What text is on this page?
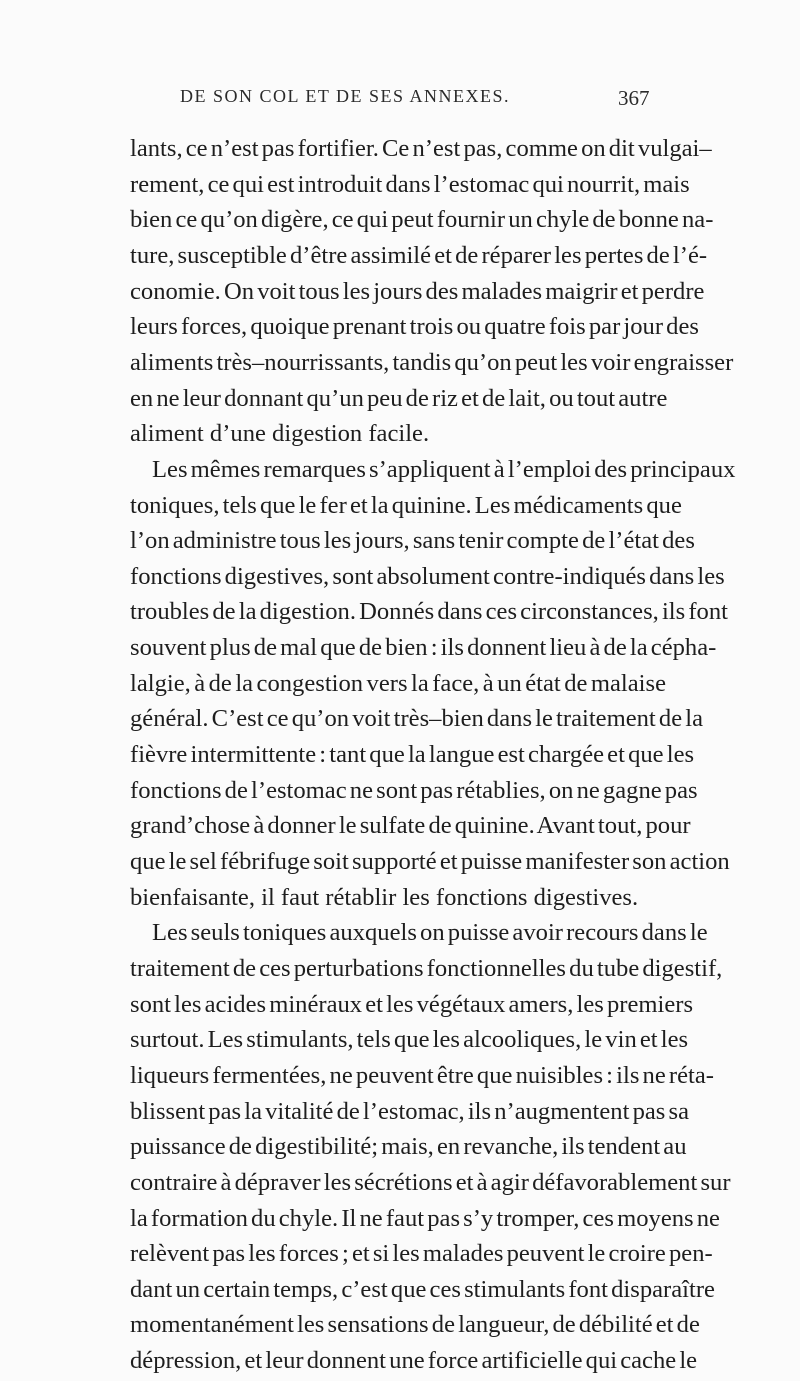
DE SON COL ET DE SES ANNEXES.	367
lants, ce n’est pas fortifier. Ce n’est pas, comme on dit vulgai–
rement, ce qui est introduit dans l’estomac qui nourrit, mais
bien ce qu’on digère, ce qui peut fournir un chyle de bonne na-
ture, susceptible d’être assimilé et de réparer les pertes de l’é-
conomie. On voit tous les jours des malades maigrir et perdre
leurs forces, quoique prenant trois ou quatre fois par jour des
aliments très–nourrissants, tandis qu’on peut les voir engraisser
en ne leur donnant qu’un peu de riz et de lait, ou tout autre
aliment d’une digestion facile.
Les mêmes remarques s’appliquent à l’emploi des principaux
toniques, tels que le fer et la quinine. Les médicaments que
l’on administre tous les jours, sans tenir compte de l’état des
fonctions digestives, sont absolument contre-indiqués dans les
troubles de la digestion. Donnés dans ces circonstances, ils font
souvent plus de mal que de bien : ils donnent lieu à de la cépha-
lalgie, à de la congestion vers la face, à un état de malaise
général. C’est ce qu’on voit très–bien dans le traitement de la
fièvre intermittente : tant que la langue est chargée et que les
fonctions de l’estomac ne sont pas rétablies, on ne gagne pas
grand’chose à donner le sulfate de quinine. Avant tout, pour
que le sel fébrifuge soit supporté et puisse manifester son action
bienfaisante, il faut rétablir les fonctions digestives.
Les seuls toniques auxquels on puisse avoir recours dans le
traitement de ces perturbations fonctionnelles du tube digestif,
sont les acides minéraux et les végétaux amers, les premiers
surtout. Les stimulants, tels que les alcooliques, le vin et les
liqueurs fermentées, ne peuvent être que nuisibles : ils ne réta-
blissent pas la vitalité de l’estomac, ils n’augmentent pas sa
puissance de digestibilité; mais, en revanche, ils tendent au
contraire à dépraver les sécrétions et à agir défavorablement sur
la formation du chyle. Il ne faut pas s’y tromper, ces moyens ne
relèvent pas les forces ; et si les malades peuvent le croire pen-
dant un certain temps, c’est que ces stimulants font disparaître
momentanément les sensations de langueur, de débilité et de
dépression, et leur donnent une force artificielle qui cache le
